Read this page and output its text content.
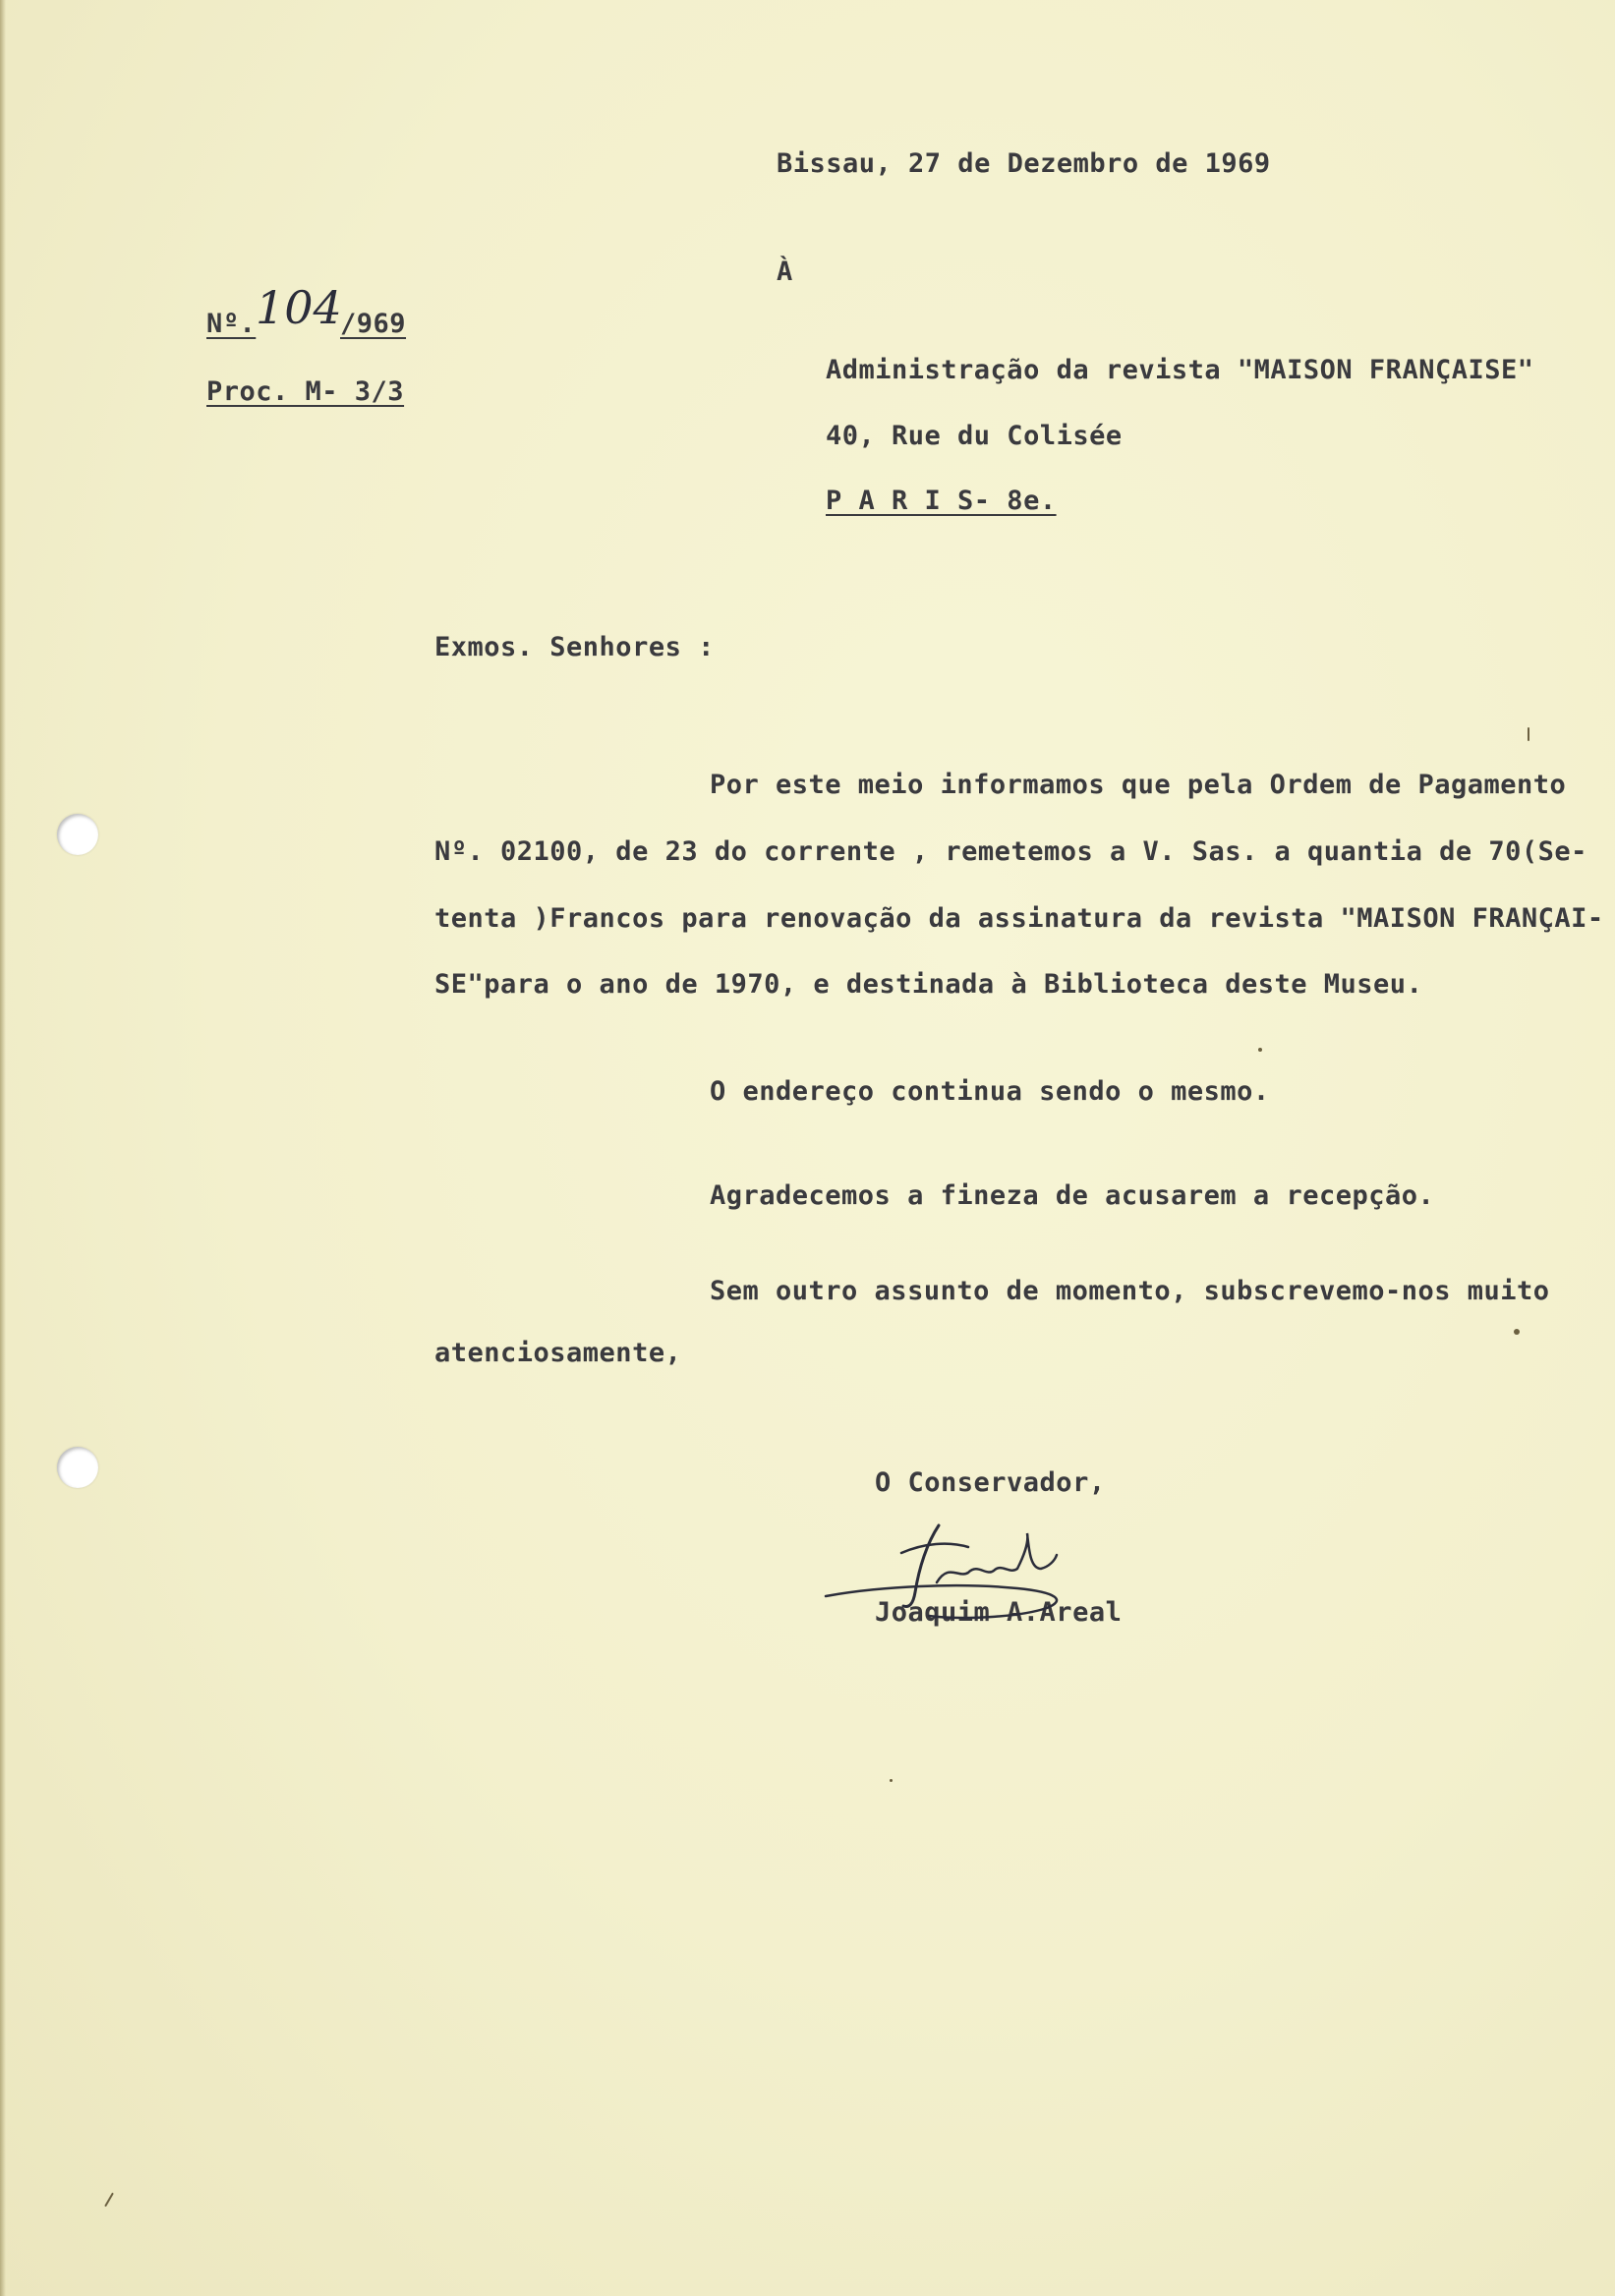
Bissau, 27 de Dezembro de 1969
À
Nº. 104
/969
Proc. M- 3/3
Administração da revista "MAISON FRANÇAISE"
40, Rue du Colisée
P A R I S- 8e.
Exmos. Senhores :
Por este meio informamos que pela Ordem de Pagamento
Nº. 02100, de 23 do corrente , remetemos a V. Sas. a quantia de 70(Se-
tenta )Francos para renovação da assinatura da revista "MAISON FRANÇAI-
SE"para o ano de 1970, e destinada à Biblioteca deste Museu.
O endereço continua sendo o mesmo.
Agradecemos a fineza de acusarem a recepção.
Sem outro assunto de momento, subscrevemo-nos muito
atenciosamente,
O Conservador,
Joaquim A.Areal
